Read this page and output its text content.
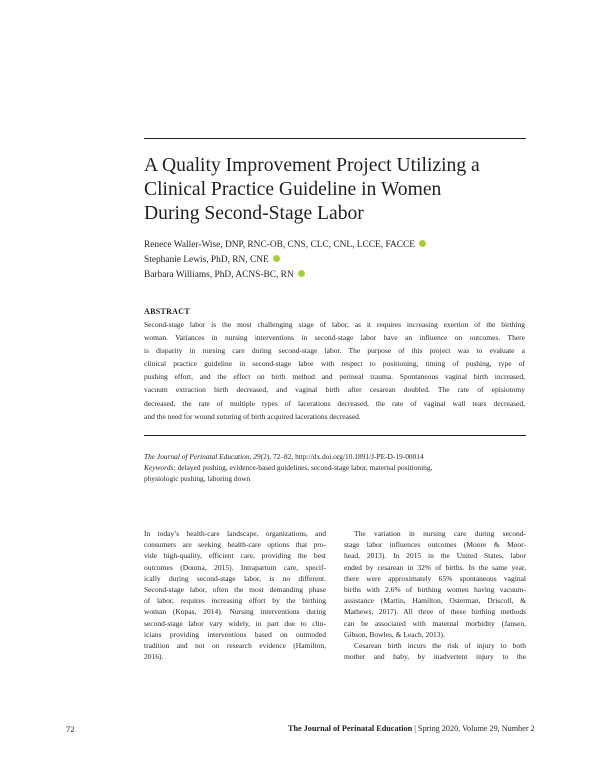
A Quality Improvement Project Utilizing a
Clinical Practice Guideline in Women
During Second-Stage Labor
Renece Waller-Wise, DNP, RNC-OB, CNS, CLC, CNL, LCCE, FACCE
Stephanie Lewis, PhD, RN, CNE
Barbara Williams, PhD, ACNS-BC, RN
ABSTRACT
Second-stage labor is the most challenging stage of labor, as it requires increasing exertion of the birthing
woman. Variances in nursing interventions in second-stage labor have an influence on outcomes. There
is disparity in nursing care during second-stage labor. The purpose of this project was to evaluate a
clinical practice guideline in second-stage labor with respect to positioning, timing of pushing, type of
pushing effort, and the effect on birth method and perineal trauma. Spontaneous vaginal birth increased,
vacuum extraction birth decreased, and vaginal birth after cesarean doubled. The rate of episiotomy
decreased, the rate of multiple types of lacerations decreased, the rate of vaginal wall tears decreased,
and the need for wound suturing of birth acquired lacerations decreased.
The Journal of Perinatal Education, 29(2), 72–82, http://dx.doi.org/10.1891/J-PE-D-19-00014
Keywords: delayed pushing, evidence-based guidelines, second-stage labor, maternal positioning,
physiologic pushing, laboring down
In today’s health-care landscape, organizations, and
consumers are seeking health-care options that pro-
vide high-quality, efficient care, providing the best
outcomes (Douma, 2015). Intrapartum care, specif-
ically during second-stage labor, is no different.
Second-stage labor, often the most demanding phase
of labor, requires increasing effort by the birthing
woman (Kopas, 2014). Nursing interventions during
second-stage labor vary widely, in part due to clin-
icians providing interventions based on outmoded
tradition and not on research evidence (Hamilton,
2016).
The variation in nursing care during second-
stage labor influences outcomes (Moore & Moor-
head, 2013). In 2015 in the United States, labor
ended by cesarean in 32% of births. In the same year,
there were approximately 65% spontaneous vaginal
births with 2.6% of birthing women having vacuum-
assistance (Martin, Hamilton, Osterman, Driscoll, &
Mathews, 2017). All three of these birthing methods
can be associated with maternal morbidity (Jansen,
Gibson, Bowles, & Leach, 2013).
Cesarean birth incurs the risk of injury to both
mother and baby, by inadvertent injury to the
72	The Journal of Perinatal Education | Spring 2020, Volume 29, Number 2
